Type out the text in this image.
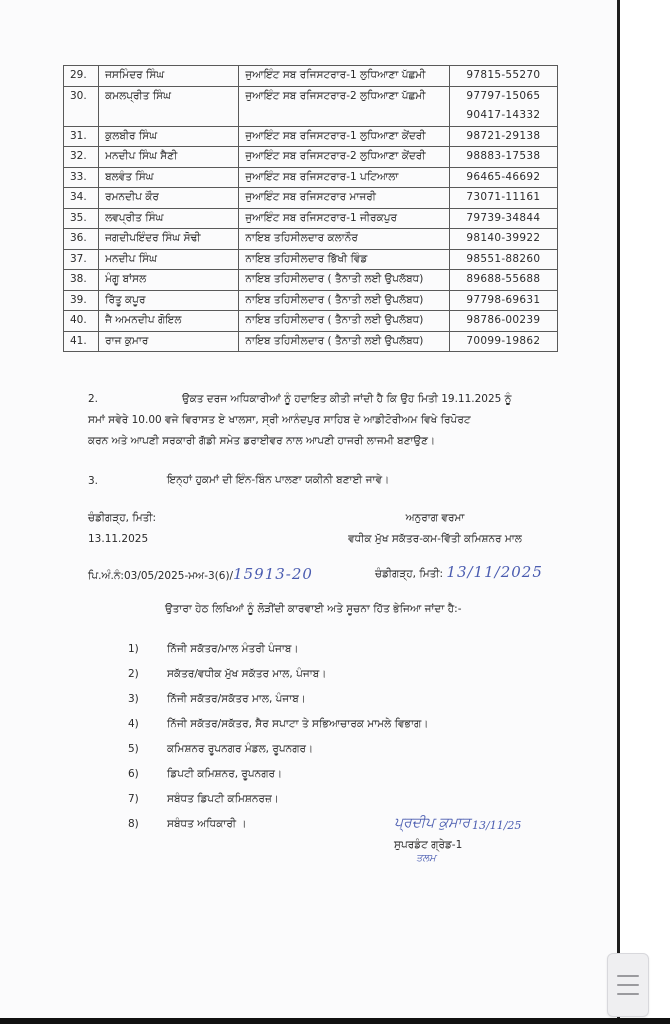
29.	ਜਸਮਿੰਦਰ ਸਿੰਘ	ਜੁਆਇੰਟ ਸਬ ਰਜਿਸਟਰਾਰ-1 ਲੁਧਿਆਣਾ ਪੱਛਮੀ	97815-55270

30.	ਕਮਲਪ੍ਰੀਤ ਸਿੰਘ	ਜੁਆਇੰਟ ਸਬ ਰਜਿਸਟਰਾਰ-2 ਲੁਧਿਆਣਾ ਪੱਛਮੀ	97797-15065
90417-14332

31.	ਕੁਲਬੀਰ ਸਿੰਘ	ਜੁਆਇੰਟ ਸਬ ਰਜਿਸਟਰਾਰ-1 ਲੁਧਿਆਣਾ ਕੇਂਦਰੀ	98721-29138

32.	ਮਨਦੀਪ ਸਿੰਘ ਸੈਣੀ	ਜੁਆਇੰਟ ਸਬ ਰਜਿਸਟਰਾਰ-2 ਲੁਧਿਆਣਾ ਕੇਂਦਰੀ	98883-17538

33.	ਬਲਵੰਤ ਸਿੰਘ	ਜੁਆਇੰਟ ਸਬ ਰਜਿਸਟਰਾਰ-1 ਪਟਿਆਲਾ	96465-46692

34.	ਰਮਨਦੀਪ ਕੌਰ	ਜੁਆਇੰਟ ਸਬ ਰਜਿਸਟਰਾਰ ਮਾਜਰੀ	73071-11161

35.	ਲਵਪ੍ਰੀਤ ਸਿੰਘ	ਜੁਆਇੰਟ ਸਬ ਰਜਿਸਟਰਾਰ-1 ਜੀਰਕਪੁਰ	79739-34844

36.	ਜਗਦੀਪਇੰਦਰ ਸਿੰਘ ਸੋਢੀ	ਨਾਇਬ ਤਹਿਸੀਲਦਾਰ ਕਲਾਨੌਰ	98140-39922

37.	ਮਨਦੀਪ ਸਿੰਘ	ਨਾਇਬ ਤਹਿਸੀਲਦਾਰ ਭਿੱਖੀ ਵਿੰਡ	98551-88260

38.	ਮੰਗੂ ਬਾਂਸਲ	ਨਾਇਬ ਤਹਿਸੀਲਦਾਰ ( ਤੈਨਾਤੀ ਲਈ ਉਪਲੱਬਧ)	89688-55688

39.	ਰਿੱਤੂ ਕਪੂਰ	ਨਾਇਬ ਤਹਿਸੀਲਦਾਰ ( ਤੈਨਾਤੀ ਲਈ ਉਪਲੱਬਧ)	97798-69631

40.	ਜੈ ਅਮਨਦੀਪ ਗੋਇਲ	ਨਾਇਬ ਤਹਿਸੀਲਦਾਰ ( ਤੈਨਾਤੀ ਲਈ ਉਪਲੱਬਧ)	98786-00239

41.	ਰਾਜ ਕੁਮਾਰ	ਨਾਇਬ ਤਹਿਸੀਲਦਾਰ ( ਤੈਨਾਤੀ ਲਈ ਉਪਲੱਬਧ)	70099-19862
2.	ਉਕਤ ਦਰਜ ਅਧਿਕਾਰੀਆਂ ਨੂੰ ਹਦਾਇਤ ਕੀਤੀ ਜਾਂਦੀ ਹੈ ਕਿ ਉਹ ਮਿਤੀ 19.11.2025 ਨੂੰ
ਸਮਾਂ ਸਵੇਰੇ 10.00 ਵਜੇ ਵਿਰਾਸਤ ਏ ਖਾਲਸਾ, ਸ੍ਰੀ ਆਨੰਦਪੁਰ ਸਾਹਿਬ ਦੇ ਆਡੀਟੋਰੀਅਮ ਵਿਖੇ ਰਿਪੋਰਟ
ਕਰਨ ਅਤੇ ਆਪਣੀ ਸਰਕਾਰੀ ਗੱਡੀ ਸਮੇਤ ਡਰਾਈਵਰ ਨਾਲ ਆਪਣੀ ਹਾਜਰੀ ਲਾਜਮੀ ਬਣਾਉਣ।
3.	ਇਨ੍ਹਾਂ ਹੁਕਮਾਂ ਦੀ ਇੰਨ-ਬਿੰਨ ਪਾਲਣਾ ਯਕੀਨੀ ਬਣਾਈ ਜਾਵੇ।
ਚੰਡੀਗੜ੍ਹ, ਮਿਤੀ:
13.11.2025
ਅਨੁਰਾਗ ਵਰਮਾ
ਵਧੀਕ ਮੁੱਖ ਸਕੱਤਰ-ਕਮ-ਵਿੱਤੀ ਕਮਿਸ਼ਨਰ ਮਾਲ
ਪਿ.ਅੰ.ਨੰ:03/05/2025-ਮਅ-3(6)/15913-20	ਚੰਡੀਗੜ੍ਹ, ਮਿਤੀ: 13/11/2025
ਉਤਾਰਾ ਹੇਠ ਲਿਖਿਆਂ ਨੂੰ ਲੋੜੀਂਦੀ ਕਾਰਵਾਈ ਅਤੇ ਸੂਚਨਾ ਹਿੱਤ ਭੇਜਿਆ ਜਾਂਦਾ ਹੈ:-
1)	ਨਿੱਜੀ ਸਕੱਤਰ/ਮਾਲ ਮੰਤਰੀ ਪੰਜਾਬ।
2)	ਸਕੱਤਰ/ਵਧੀਕ ਮੁੱਖ ਸਕੱਤਰ ਮਾਲ, ਪੰਜਾਬ।
3)	ਨਿੱਜੀ ਸਕੱਤਰ/ਸਕੱਤਰ ਮਾਲ, ਪੰਜਾਬ।
4)	ਨਿੱਜੀ ਸਕੱਤਰ/ਸਕੱਤਰ, ਸੈਰ ਸਪਾਟਾ ਤੇ ਸਭਿਆਚਾਰਕ ਮਾਮਲੇ ਵਿਭਾਗ।
5)	ਕਮਿਸ਼ਨਰ ਰੂਪਨਗਰ ਮੰਡਲ, ਰੂਪਨਗਰ।
6)	ਡਿਪਟੀ ਕਮਿਸ਼ਨਰ, ਰੂਪਨਗਰ।
7)	ਸਬੰਧਤ ਡਿਪਟੀ ਕਮਿਸ਼ਨਰਜ਼।
8)	ਸਬੰਧਤ ਅਧਿਕਾਰੀ ।	ਪ੍ਰਦੀਪ ਕੁਮਾਰ 13/11/25
ਸੁਪਰਡੰਟ ਗ੍ਰੇਡ-1
ਤਲਮ
